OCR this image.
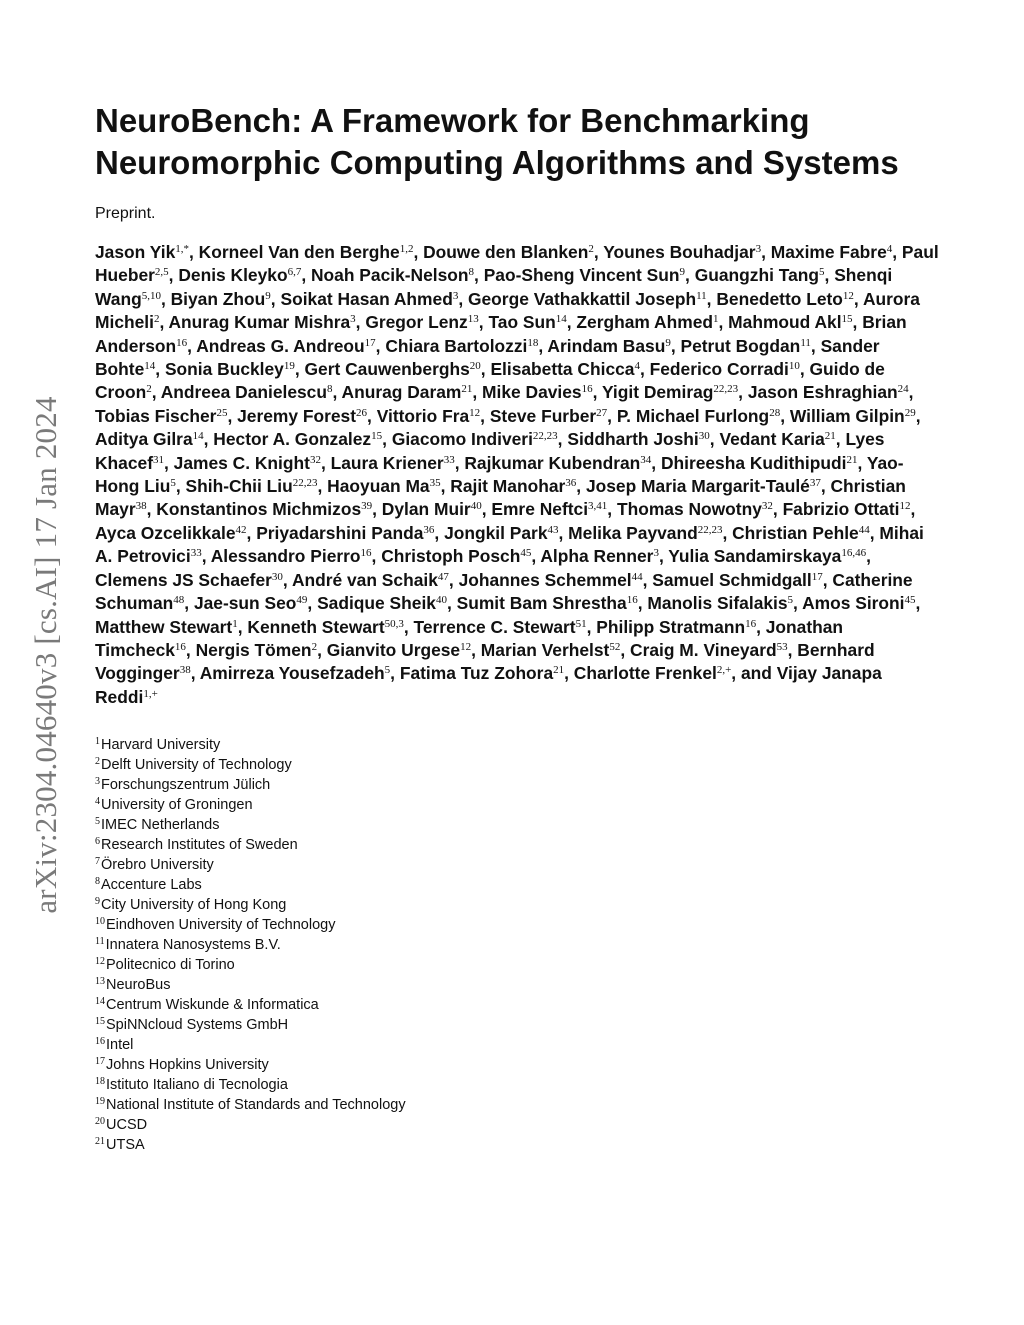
arXiv:2304.04640v3 [cs.AI] 17 Jan 2024
NeuroBench: A Framework for Benchmarking
Neuromorphic Computing Algorithms and Systems
Preprint.
Jason Yik$^{1,*}$, Korneel Van den Berghe$^{1,2}$, Douwe den Blanken$^2$, Younes Bouhadjar$^3$, Maxime Fabre$^4$, Paul Hueber$^{2,5}$, Denis Kleyko$^{6,7}$, Noah Pacik-Nelson$^8$, Pao-Sheng Vincent Sun$^9$, Guangzhi Tang$^5$, Shenqi Wang$^{5,10}$, Biyan Zhou$^9$, Soikat Hasan Ahmed$^3$, George Vathakkattil Joseph$^{11}$, Benedetto Leto$^{12}$, Aurora Micheli$^2$, Anurag Kumar Mishra$^3$, Gregor Lenz$^{13}$, Tao Sun$^{14}$, Zergham Ahmed$^1$, Mahmoud Akl$^{15}$, Brian Anderson$^{16}$, Andreas G. Andreou$^{17}$, Chiara Bartolozzi$^{18}$, Arindam Basu$^9$, Petrut Bogdan$^{11}$, Sander Bohte$^{14}$, Sonia Buckley$^{19}$, Gert Cauwenberghs$^{20}$, Elisabetta Chicca$^4$, Federico Corradi$^{10}$, Guido de Croon$^2$, Andreea Danielescu$^8$, Anurag Daram$^{21}$, Mike Davies$^{16}$, Yigit Demirag$^{22,23}$, Jason Eshraghian$^{24}$, Tobias Fischer$^{25}$, Jeremy Forest$^{26}$, Vittorio Fra$^{12}$, Steve Furber$^{27}$, P. Michael Furlong$^{28}$, William Gilpin$^{29}$, Aditya Gilra$^{14}$, Hector A. Gonzalez$^{15}$, Giacomo Indiveri$^{22,23}$, Siddharth Joshi$^{30}$, Vedant Karia$^{21}$, Lyes Khacef$^{31}$, James C. Knight$^{32}$, Laura Kriener$^{33}$, Rajkumar Kubendran$^{34}$, Dhireesha Kudithipudi$^{21}$, Yao-Hong Liu$^5$, Shih-Chii Liu$^{22,23}$, Haoyuan Ma$^{35}$, Rajit Manohar$^{36}$, Josep Maria Margarit-Taulé$^{37}$, Christian Mayr$^{38}$, Konstantinos Michmizos$^{39}$, Dylan Muir$^{40}$, Emre Neftci$^{3,41}$, Thomas Nowotny$^{32}$, Fabrizio Ottati$^{12}$, Ayca Ozcelikkale$^{42}$, Priyadarshini Panda$^{36}$, Jongkil Park$^{43}$, Melika Payvand$^{22,23}$, Christian Pehle$^{44}$, Mihai A. Petrovici$^{33}$, Alessandro Pierro$^{16}$, Christoph Posch$^{45}$, Alpha Renner$^3$, Yulia Sandamirskaya$^{16,46}$, Clemens JS Schaefer$^{30}$, André van Schaik$^{47}$, Johannes Schemmel$^{44}$, Samuel Schmidgall$^{17}$, Catherine Schuman$^{48}$, Jae-sun Seo$^{49}$, Sadique Sheik$^{40}$, Sumit Bam Shrestha$^{16}$, Manolis Sifalakis$^5$, Amos Sironi$^{45}$, Matthew Stewart$^1$, Kenneth Stewart$^{50,3}$, Terrence C. Stewart$^{51}$, Philipp Stratmann$^{16}$, Jonathan Timcheck$^{16}$, Nergis Tömen$^2$, Gianvito Urgese$^{12}$, Marian Verhelst$^{52}$, Craig M. Vineyard$^{53}$, Bernhard Vogginger$^{38}$, Amirreza Yousefzadeh$^5$, Fatima Tuz Zohora$^{21}$, Charlotte Frenkel$^{2,+}$, and Vijay Janapa Reddi$^{1,+}$
$^1$Harvard University
$^2$Delft University of Technology
$^3$Forschungszentrum Jülich
$^4$University of Groningen
$^5$IMEC Netherlands
$^6$Research Institutes of Sweden
$^7$Örebro University
$^8$Accenture Labs
$^9$City University of Hong Kong
$^{10}$Eindhoven University of Technology
$^{11}$Innatera Nanosystems B.V.
$^{12}$Politecnico di Torino
$^{13}$NeuroBus
$^{14}$Centrum Wiskunde & Informatica
$^{15}$SpiNNcloud Systems GmbH
$^{16}$Intel
$^{17}$Johns Hopkins University
$^{18}$Istituto Italiano di Tecnologia
$^{19}$National Institute of Standards and Technology
$^{20}$UCSD
$^{21}$UTSA
